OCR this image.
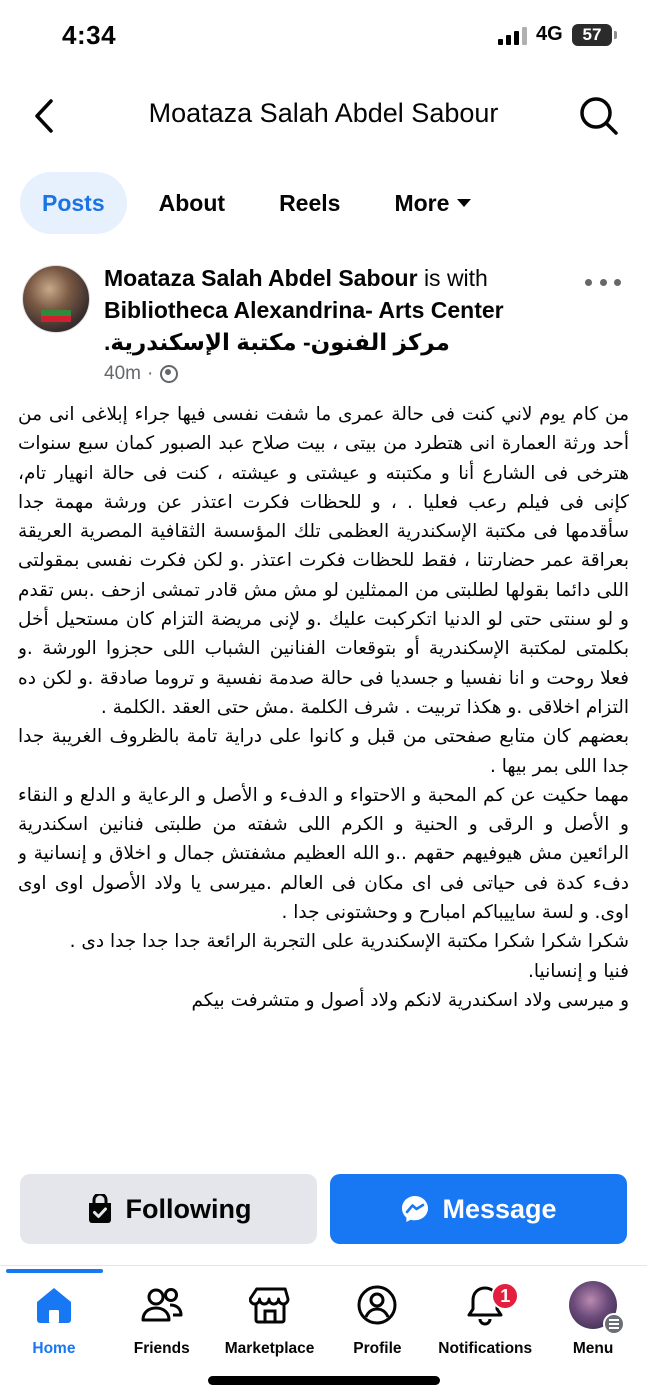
4:34	4G	57
Moataza Salah Abdel Sabour
Posts	About	Reels	More
Moataza Salah Abdel Sabour is with
Bibliotheca Alexandrina- Arts Center
مركز الفنون- مكتبة الإسكندرية.
40m ·

من كام يوم لاني كنت فى حالة عمرى ما شفت نفسى فيها جراء إبلاغى انى من أحد ورثة العمارة انى هتطرد من بيتى ، بيت صلاح عبد الصبور كمان سبع سنوات هترخى فى الشارع أنا و مكتبته و عيشتى و عيشته ، كنت فى حالة انهيار تام، كإنى فى فيلم رعب فعليا . ، و للحظات فكرت اعتذر عن ورشة مهمة جدا سأقدمها فى مكتبة الإسكندرية العظمى تلك المؤسسة الثقافية المصرية العريقة بعراقة عمر حضارتنا ، فقط للحظات فكرت اعتذر .و لكن فكرت نفسى بمقولتى اللى دائما بقولها لطلبتى من الممثلين لو مش مش قادر تمشى ازحف .بس تقدم و لو سنتى حتى لو الدنيا اتكركبت عليك .و لإنى مريضة التزام كان مستحيل أخل بكلمتى لمكتبة الإسكندرية أو بتوقعات الفنانين الشباب اللى حجزوا الورشة .و فعلا روحت و انا نفسيا و جسديا فى حالة صدمة نفسية و تروما صادقة .و لكن ده التزام اخلاقى .و هكذا تربيت . شرف الكلمة .مش حتى العقد .الكلمة .

بعضهم كان متابع صفحتى من قبل و كانوا على دراية تامة بالظروف الغريبة جدا جدا اللى بمر بيها .

مهما حكيت عن كم المحبة و الاحتواء و الدفء و الأصل و الرعاية و الدلع و النقاء و الأصل و الرقى و الحنية و الكرم اللى شفته من طلبتى فنانين اسكندرية الرائعين مش هيوفيهم حقهم ..و الله العظيم مشفتش جمال و اخلاق و إنسانية و دفء كدة فى حياتى فى اى مكان فى العالم .ميرسى يا ولاد الأصول اوى اوى اوى. و لسة ساييباكم امبارح و وحشتونى جدا .

شكرا شكرا شكرا مكتبة الإسكندرية على التجربة الرائعة جدا جدا جدا دى .

فنيا و إنسانيا.

و ميرسى ولاد اسكندرية لانكم ولاد أصول و متشرفت بيكم

Following	Message
Home	Friends Marketplace	Profile
1
Notifications	Menu
